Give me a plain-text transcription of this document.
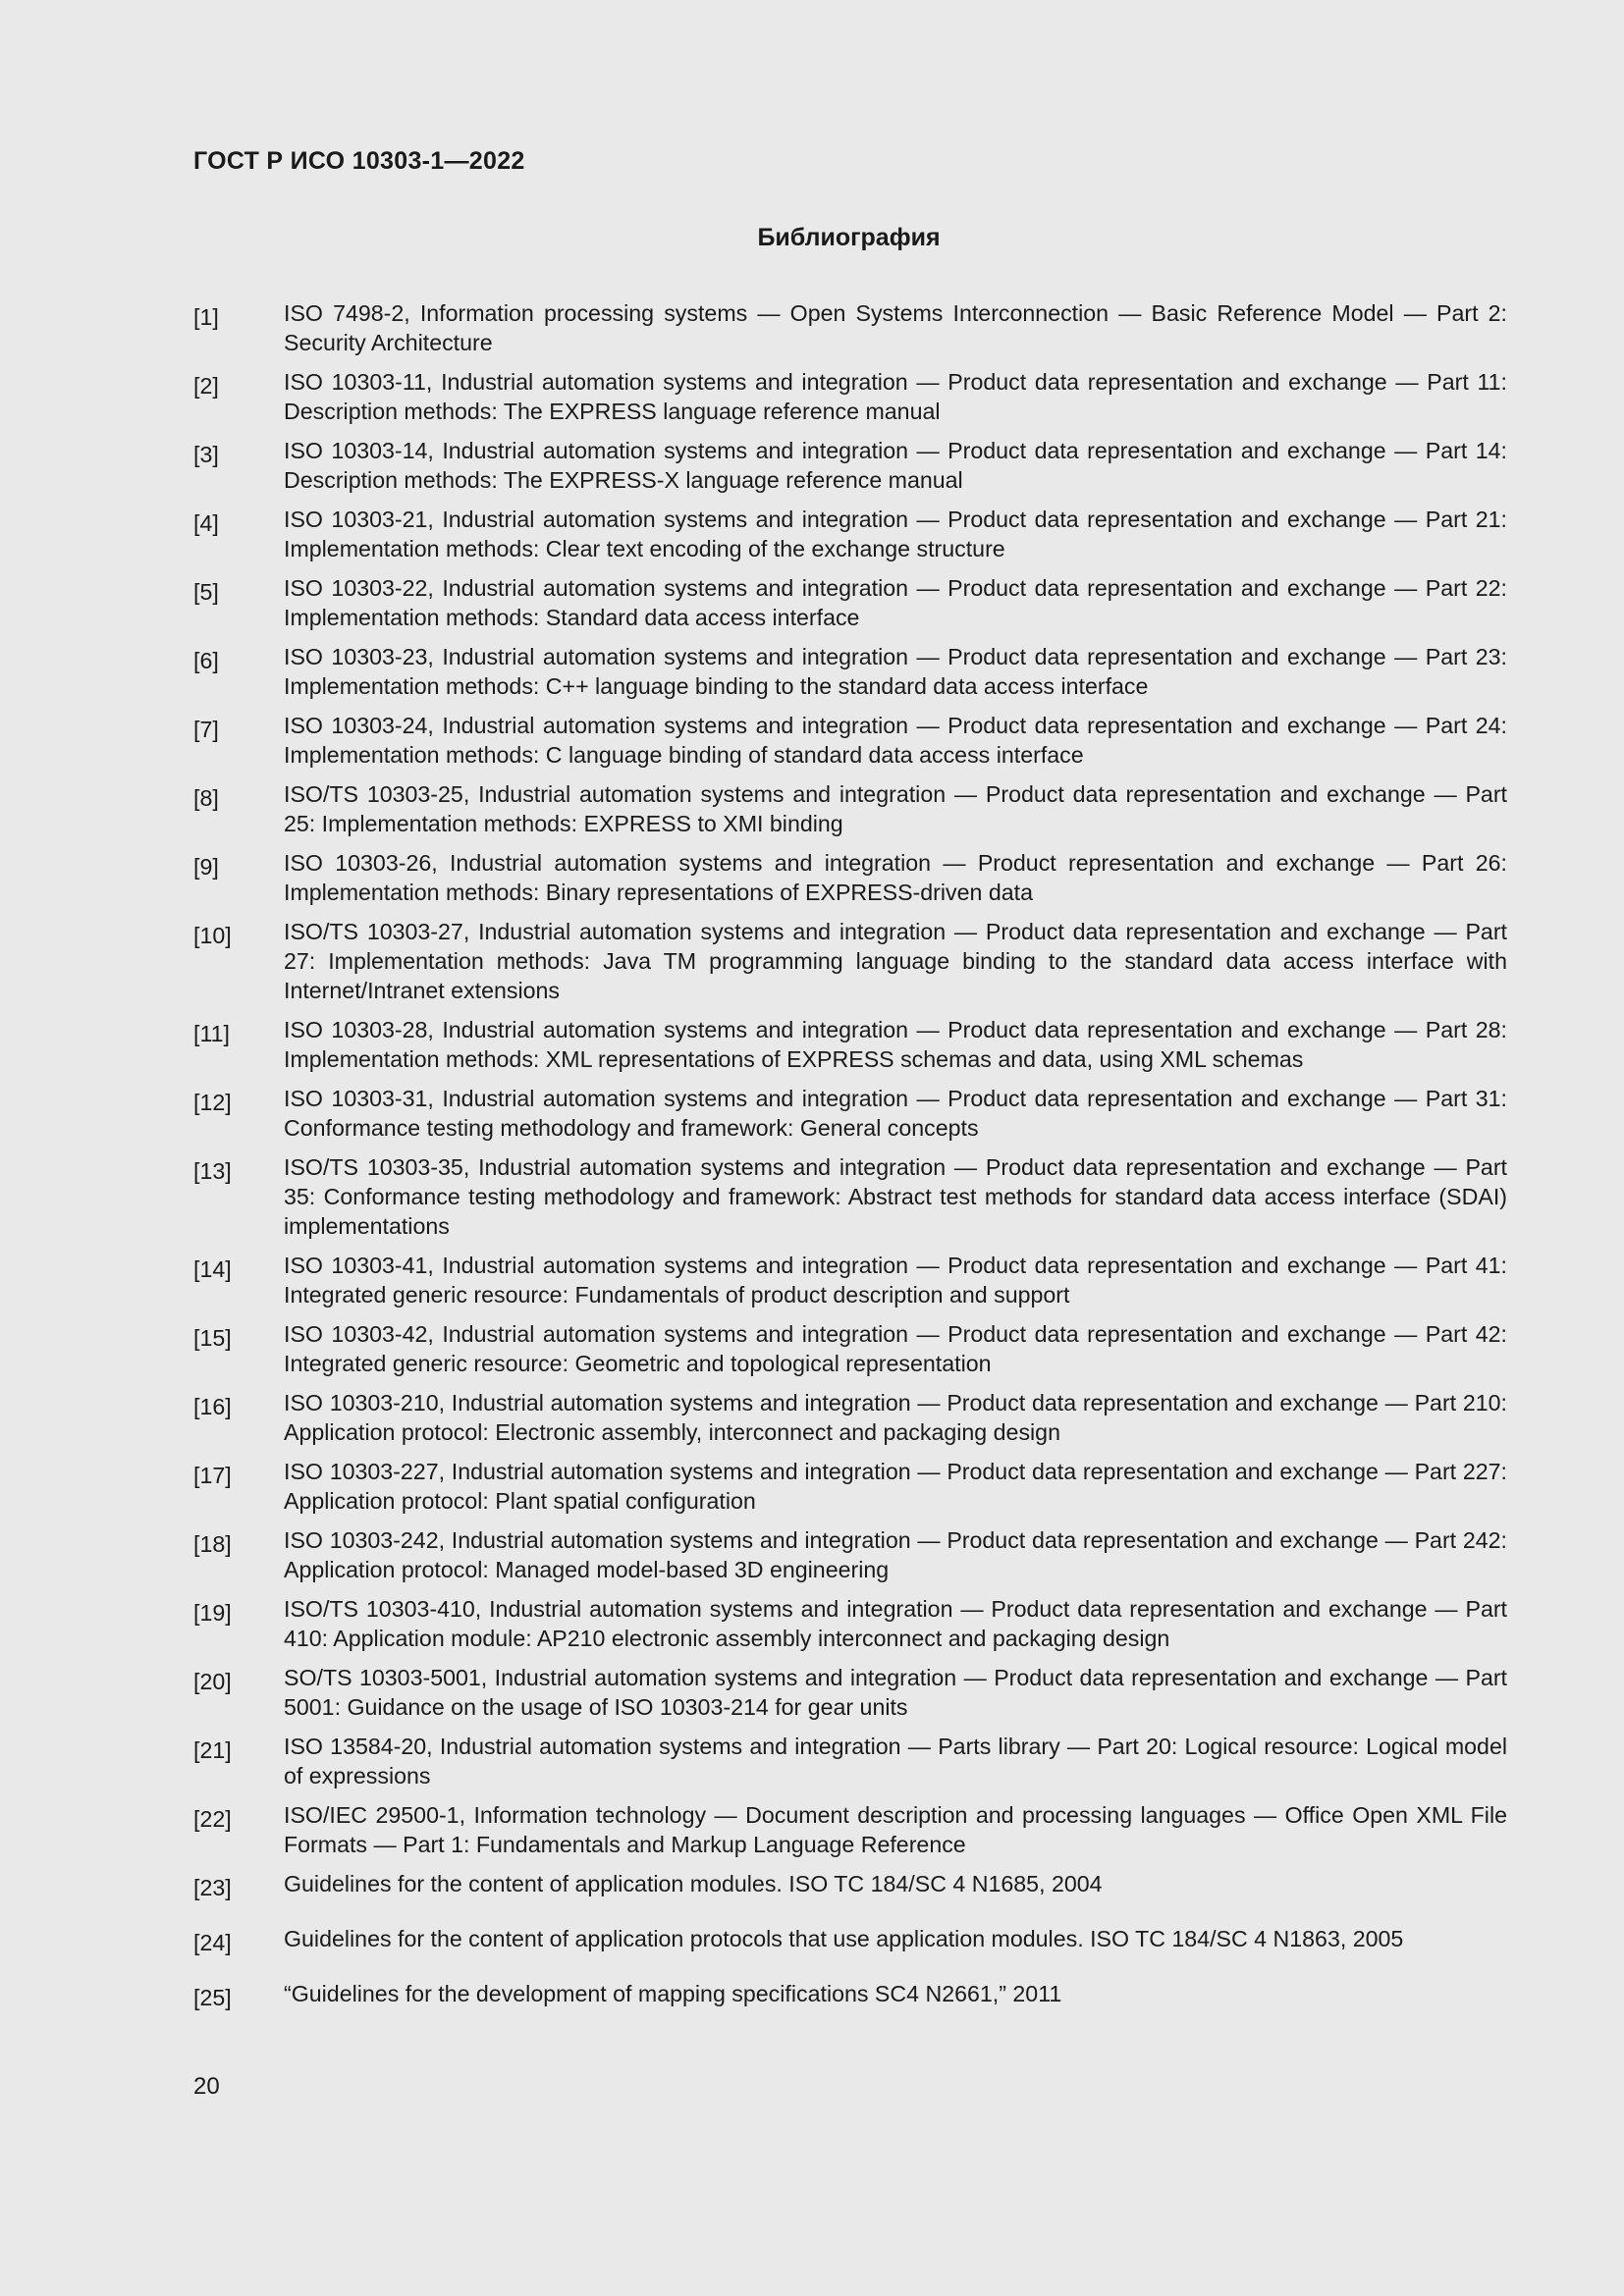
ГОСТ Р ИСО 10303-1—2022
Библиография
[1]	ISO 7498-2, Information processing systems — Open Systems Interconnection — Basic Reference Model — Part 2: Security Architecture
[2]	ISO 10303-11, Industrial automation systems and integration — Product data representation and exchange — Part 11: Description methods: The EXPRESS language reference manual
[3]	ISO 10303-14, Industrial automation systems and integration — Product data representation and exchange — Part 14: Description methods: The EXPRESS-X language reference manual
[4]	ISO 10303-21, Industrial automation systems and integration — Product data representation and exchange — Part 21: Implementation methods: Clear text encoding of the exchange structure
[5]	ISO 10303-22, Industrial automation systems and integration — Product data representation and exchange — Part 22: Implementation methods: Standard data access interface
[6]	ISO 10303-23, Industrial automation systems and integration — Product data representation and exchange — Part 23: Implementation methods: C++ language binding to the standard data access interface
[7]	ISO 10303-24, Industrial automation systems and integration — Product data representation and exchange — Part 24: Implementation methods: C language binding of standard data access interface
[8]	ISO/TS 10303-25, Industrial automation systems and integration — Product data representation and exchange — Part 25: Implementation methods: EXPRESS to XMI binding
[9]	ISO 10303-26, Industrial automation systems and integration — Product representation and exchange — Part 26: Implementation methods: Binary representations of EXPRESS-driven data
[10]	ISO/TS 10303-27, Industrial automation systems and integration — Product data representation and exchange — Part 27: Implementation methods: Java TM programming language binding to the standard data access interface with Internet/Intranet extensions
[11]	ISO 10303-28, Industrial automation systems and integration — Product data representation and exchange — Part 28: Implementation methods: XML representations of EXPRESS schemas and data, using XML schemas
[12]	ISO 10303-31, Industrial automation systems and integration — Product data representation and exchange — Part 31: Conformance testing methodology and framework: General concepts
[13]	ISO/TS 10303-35, Industrial automation systems and integration — Product data representation and exchange — Part 35: Conformance testing methodology and framework: Abstract test methods for standard data access interface (SDAI) implementations
[14]	ISO 10303-41, Industrial automation systems and integration — Product data representation and exchange — Part 41: Integrated generic resource: Fundamentals of product description and support
[15]	ISO 10303-42, Industrial automation systems and integration — Product data representation and exchange — Part 42: Integrated generic resource: Geometric and topological representation
[16]	ISO 10303-210, Industrial automation systems and integration — Product data representation and exchange — Part 210: Application protocol: Electronic assembly, interconnect and packaging design
[17]	ISO 10303-227, Industrial automation systems and integration — Product data representation and exchange — Part 227: Application protocol: Plant spatial configuration
[18]	ISO 10303-242, Industrial automation systems and integration — Product data representation and exchange — Part 242: Application protocol: Managed model-based 3D engineering
[19]	ISO/TS 10303-410, Industrial automation systems and integration — Product data representation and exchange — Part 410: Application module: AP210 electronic assembly interconnect and packaging design
[20]	SO/TS 10303-5001, Industrial automation systems and integration — Product data representation and exchange — Part 5001: Guidance on the usage of ISO 10303-214 for gear units
[21]	ISO 13584-20, Industrial automation systems and integration — Parts library — Part 20: Logical resource: Logical model of expressions
[22]	ISO/IEC 29500-1, Information technology — Document description and processing languages — Office Open XML File Formats — Part 1: Fundamentals and Markup Language Reference
[23]	Guidelines for the content of application modules. ISO TC 184/SC 4 N1685, 2004
[24]	Guidelines for the content of application protocols that use application modules. ISO TC 184/SC 4 N1863, 2005
[25]	“Guidelines for the development of mapping specifications SC4 N2661,” 2011

20
